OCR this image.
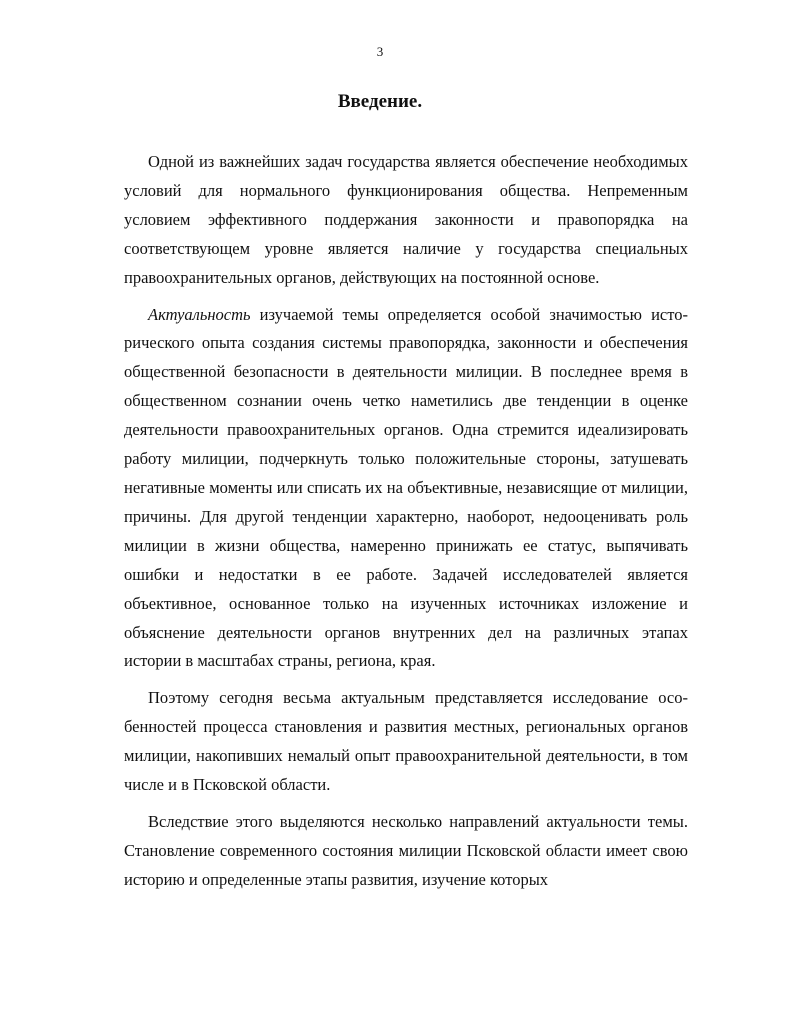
3
Введение.

Одной из важнейших задач государства является обеспечение необходимых условий для нормального функционирования общества. Непременным условием эффективного поддержания законности и правопорядка на соответствующем уровне является наличие у государства специальных правоохранительных органов, действующих на постоянной основе.

Актуальность изучаемой темы определяется особой значимостью исторического опыта создания системы правопорядка, законности и обеспечения общественной безопасности в деятельности милиции. В последнее время в общественном сознании очень четко наметились две тенденции в оценке деятельности правоохранительных органов. Одна стремится идеализировать работу милиции, подчеркнуть только положительные стороны, затушевать негативные моменты или списать их на объективные, независящие от милиции, причины. Для другой тенденции характерно, наоборот, недооценивать роль милиции в жизни общества, намеренно принижать ее статус, выпячивать ошибки и недостатки в ее работе. Задачей исследователей является объективное, основанное только на изученных источниках изложение и объяснение деятельности органов внутренних дел на различных этапах истории в масштабах страны, региона, края.

Поэтому сегодня весьма актуальным представляется исследование особенностей процесса становления и развития местных, региональных органов милиции, накопивших немалый опыт правоохранительной деятельности, в том числе и в Псковской области.

Вследствие этого выделяются несколько направлений актуальности темы. Становление современного состояния милиции Псковской области имеет свою историю и определенные этапы развития, изучение которых
